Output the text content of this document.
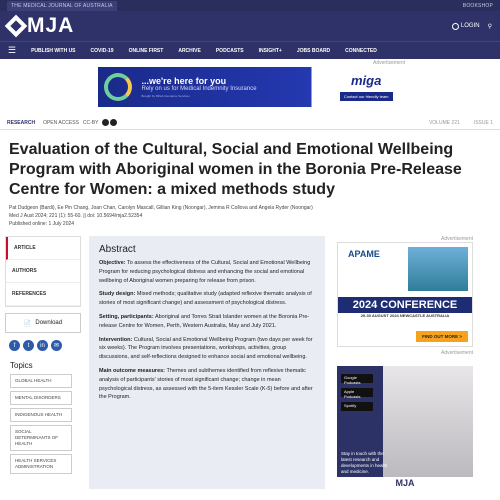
THE MEDICAL JOURNAL OF AUSTRALIA	BOOKSHOP
MJA	LOGIN ⚲
☰	PUBLISH WITH US	COVID-19	ONLINE FIRST	ARCHIVE	PODCASTS	INSIGHT+	JOBS BOARD	CONNECTED
Advertisement
...we're here for you
Rely on us for Medical Indemnity Insurance
Bought by MIGA Insurance Services
miga
Contact our friendly team
RESEARCH OPEN ACCESS CC-BY	VOLUME 221	ISSUE 1
Evaluation of the Cultural, Social and Emotional Wellbeing Program with Aboriginal women in the Boronia Pre-Release Centre for Women: a mixed methods study
Pat Dudgeon (Bardi), Ee Pin Chang, Joan Chan, Carolyn Mascall, Gillian King (Noongar), Jemma R Collova and Angela Ryder (Noongar)
Med J Aust 2024; 221 (1): 55-60. || doi: 10.5694/mja2.52354
Published online: 1 July 2024
ARTICLE
AUTHORS
REFERENCES
📄 Download
f	t	in	✉
Topics
GLOBAL HEALTH
MENTAL DISORDERS
INDIGENOUS HEALTH
SOCIAL DETERMINANTS OF HEALTH
HEALTH SERVICES ADMINISTRATION
Abstract

Objective: To assess the effectiveness of the Cultural, Social and Emotional Wellbeing Program for reducing psychological distress and enhancing the social and emotional wellbeing of Aboriginal women preparing for release from prison.

Study design: Mixed methods; qualitative study (adapted reflexive thematic analysis of stories of most significant change) and assessment of psychological distress.

Setting, participants: Aboriginal and Torres Strait Islander women at the Boronia Pre-release Centre for Women, Perth, Western Australia, May and July 2021.

Intervention: Cultural, Social and Emotional Wellbeing Program (two days per week for six weeks). The Program involves presentations, workshops, activities, group discussions, and self-reflections designed to enhance social and emotional wellbeing.

Main outcome measures: Themes and subthemes identified from reflexive thematic analysis of participants' stories of most significant change; change in mean psychological distress, as assessed with the 5-item Kessler Scale (K-5) before and after the Program.

Advertisement
APAME
2024 CONFERENCE
29-30 AUGUST 2024 NEWCASTLE AUSTRALIA
FIND OUT MORE >
Advertisement
Google Podcasts
Apple Podcasts
Spotify
Stay in touch with the latest research and developments in health and medicine.
MJA
